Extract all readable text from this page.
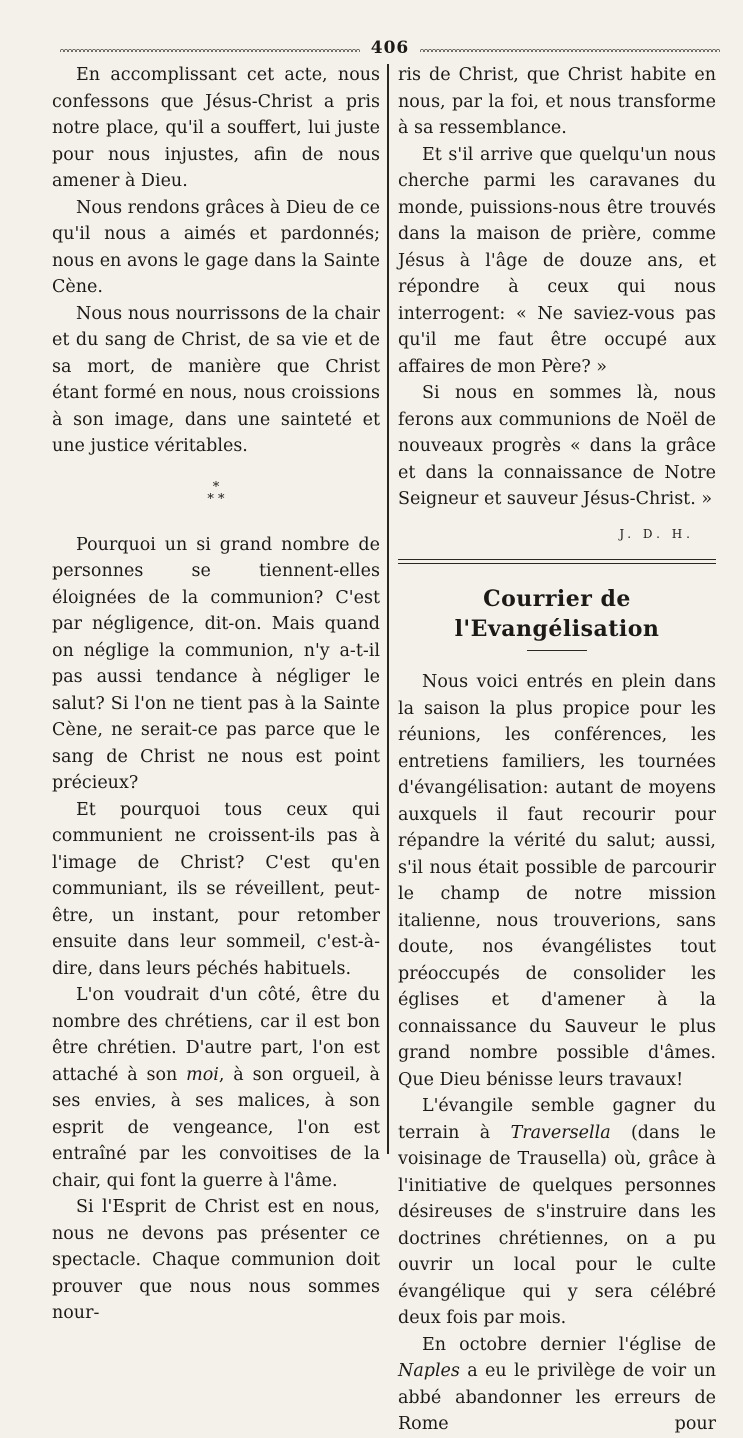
406

En accomplissant cet acte, nous confessons que Jésus-Christ a pris notre place, qu'il a souffert, lui juste pour nous injustes, afin de nous amener à Dieu.

Nous rendons grâces à Dieu de ce qu'il nous a aimés et pardonnés; nous en avons le gage dans la Sainte Cène.

Nous nous nourrissons de la chair et du sang de Christ, de sa vie et de sa mort, de manière que Christ étant formé en nous, nous croissions à son image, dans une sainteté et une justice véritables.

*
* *

Pourquoi un si grand nombre de personnes se tiennent-elles éloignées de la communion? C'est par négligence, dit-on. Mais quand on néglige la communion, n'y a-t-il pas aussi tendance à négliger le salut? Si l'on ne tient pas à la Sainte Cène, ne serait-ce pas parce que le sang de Christ ne nous est point précieux?

Et pourquoi tous ceux qui communient ne croissent-ils pas à l'image de Christ? C'est qu'en communiant, ils se réveillent, peut-être, un instant, pour retomber ensuite dans leur sommeil, c'est-à-dire, dans leurs péchés habituels.

L'on voudrait d'un côté, être du nombre des chrétiens, car il est bon être chrétien. D'autre part, l'on est attaché à son moi, à son orgueil, à ses envies, à ses malices, à son esprit de vengeance, l'on est entraîné par les convoitises de la chair, qui font la guerre à l'âme.

Si l'Esprit de Christ est en nous, nous ne devons pas présenter ce spectacle. Chaque communion doit prouver que nous nous sommes nour-

ris de Christ, que Christ habite en nous, par la foi, et nous transforme à sa ressemblance.

Et s'il arrive que quelqu'un nous cherche parmi les caravanes du monde, puissions-nous être trouvés dans la maison de prière, comme Jésus à l'âge de douze ans, et répondre à ceux qui nous interrogent: « Ne saviez-vous pas qu'il me faut être occupé aux affaires de mon Père? »

Si nous en sommes là, nous ferons aux communions de Noël de nouveaux progrès « dans la grâce et dans la connaissance de Notre Seigneur et sauveur Jésus-Christ. »

J. D. H.
Courrier de l'Evangélisation

Nous voici entrés en plein dans la saison la plus propice pour les réunions, les conférences, les entretiens familiers, les tournées d'évangélisation: autant de moyens auxquels il faut recourir pour répandre la vérité du salut; aussi, s'il nous était possible de parcourir le champ de notre mission italienne, nous trouverions, sans doute, nos évangélistes tout préoccupés de consolider les églises et d'amener à la connaissance du Sauveur le plus grand nombre possible d'âmes. Que Dieu bénisse leurs travaux!

L'évangile semble gagner du terrain à Traversella (dans le voisinage de Trausella) où, grâce à l'initiative de quelques personnes désireuses de s'instruire dans les doctrines chrétiennes, on a pu ouvrir un local pour le culte évangélique qui y sera célébré deux fois par mois.

En octobre dernier l'église de Naples a eu le privilège de voir un abbé abandonner les erreurs de Rome pour
